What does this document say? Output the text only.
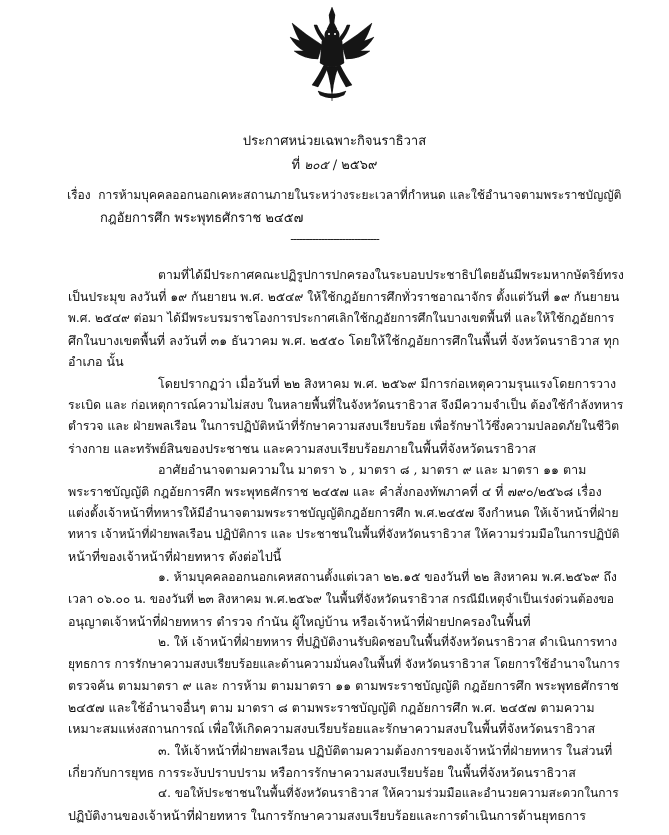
ประกาศหน่วยเฉพาะกิจนราธิวาส
ที่ ๒๐๕ / ๒๕๖๙
เรื่อง การห้ามบุคคลออกนอกเคหะสถานภายในระหว่างระยะเวลาที่กำหนด และใช้อำนาจตามพระราชบัญญัติ
กฎอัยการศึก พระพุทธศักราช ๒๔๕๗
-----------------------------
ตามที่ได้มีประกาศคณะปฏิรูปการปกครองในระบอบประชาธิปไตยอันมีพระมหากษัตริย์ทรง
เป็นประมุข ลงวันที่ ๑๙ กันยายน พ.ศ. ๒๕๔๙ ให้ใช้กฎอัยการศึกทั่วราชอาณาจักร ตั้งแต่วันที่ ๑๙ กันยายน
พ.ศ. ๒๕๔๙ ต่อมา ได้มีพระบรมราชโองการประกาศเลิกใช้กฎอัยการศึกในบางเขตพื้นที่ และให้ใช้กฎอัยการ
ศึกในบางเขตพื้นที่ ลงวันที่ ๓๑ ธันวาคม พ.ศ. ๒๕๕๐ โดยให้ใช้กฎอัยการศึกในพื้นที่ จังหวัดนราธิวาส ทุก
อำเภอ นั้น
โดยปรากฏว่า เมื่อวันที่ ๒๒ สิงหาคม พ.ศ. ๒๕๖๙ มีการก่อเหตุความรุนแรงโดยการวาง
ระเบิด และ ก่อเหตุการณ์ความไม่สงบ ในหลายพื้นที่ในจังหวัดนราธิวาส จึงมีความจำเป็น ต้องใช้กำลังทหาร
ตำรวจ และ ฝ่ายพลเรือน ในการปฏิบัติหน้าที่รักษาความสงบเรียบร้อย เพื่อรักษาไว้ซึ่งความปลอดภัยในชีวิต
ร่างกาย และทรัพย์สินของประชาชน และความสงบเรียบร้อยภายในพื้นที่จังหวัดนราธิวาส
อาศัยอำนาจตามความใน มาตรา ๖ , มาตรา ๘ , มาตรา ๙ และ มาตรา ๑๑ ตาม
พระราชบัญญัติ กฎอัยการศึก พระพุทธศักราช ๒๔๕๗ และ คำสั่งกองทัพภาคที่ ๔ ที่ ๗๙๐/๒๕๖๘ เรื่อง
แต่งตั้งเจ้าหน้าที่ทหารให้มีอำนาจตามพระราชบัญญัติกฎอัยการศึก พ.ศ.๒๔๕๗ จึงกำหนด ให้เจ้าหน้าที่ฝ่าย
ทหาร เจ้าหน้าที่ฝ่ายพลเรือน ปฏิบัติการ และ ประชาชนในพื้นที่จังหวัดนราธิวาส ให้ความร่วมมือในการปฏิบัติ
หน้าที่ของเจ้าหน้าที่ฝ่ายทหาร ดังต่อไปนี้
๑. ห้ามบุคคลออกนอกเคหสถานตั้งแต่เวลา ๒๒.๑๕ ของวันที่ ๒๒ สิงหาคม พ.ศ.๒๕๖๙ ถึง
เวลา ๐๖.๐๐ น. ของวันที่ ๒๓ สิงหาคม พ.ศ.๒๕๖๙ ในพื้นที่จังหวัดนราธิวาส กรณีมีเหตุจำเป็นเร่งด่วนต้องขอ
อนุญาตเจ้าหน้าที่ฝ่ายทหาร ตำรวจ กำนัน ผู้ใหญ่บ้าน หรือเจ้าหน้าที่ฝ่ายปกครองในพื้นที่
๒. ให้ เจ้าหน้าที่ฝ่ายทหาร ที่ปฏิบัติงานรับผิดชอบในพื้นที่จังหวัดนราธิวาส ดำเนินการทาง
ยุทธการ การรักษาความสงบเรียบร้อยและด้านความมั่นคงในพื้นที่ จังหวัดนราธิวาส โดยการใช้อำนาจในการ
ตรวจค้น ตามมาตรา ๙ และ การห้าม ตามมาตรา ๑๑ ตามพระราชบัญญัติ กฎอัยการศึก พระพุทธศักราช
๒๔๕๗ และใช้อำนาจอื่นๆ ตาม มาตรา ๘ ตามพระราชบัญญัติ กฎอัยการศึก พ.ศ. ๒๔๕๗ ตามความ
เหมาะสมแห่งสถานการณ์ เพื่อให้เกิดความสงบเรียบร้อยและรักษาความสงบในพื้นที่จังหวัดนราธิวาส
๓. ให้เจ้าหน้าที่ฝ่ายพลเรือน ปฏิบัติตามความต้องการของเจ้าหน้าที่ฝ่ายทหาร ในส่วนที่
เกี่ยวกับการยุทธ การระงับปราบปราม หรือการรักษาความสงบเรียบร้อย ในพื้นที่จังหวัดนราธิวาส
๔. ขอให้ประชาชนในพื้นที่จังหวัดนราธิวาส ให้ความร่วมมือและอำนวยความสะดวกในการ
ปฏิบัติงานของเจ้าหน้าที่ฝ่ายทหาร ในการรักษาความสงบเรียบร้อยและการดำเนินการด้านยุทธการ
